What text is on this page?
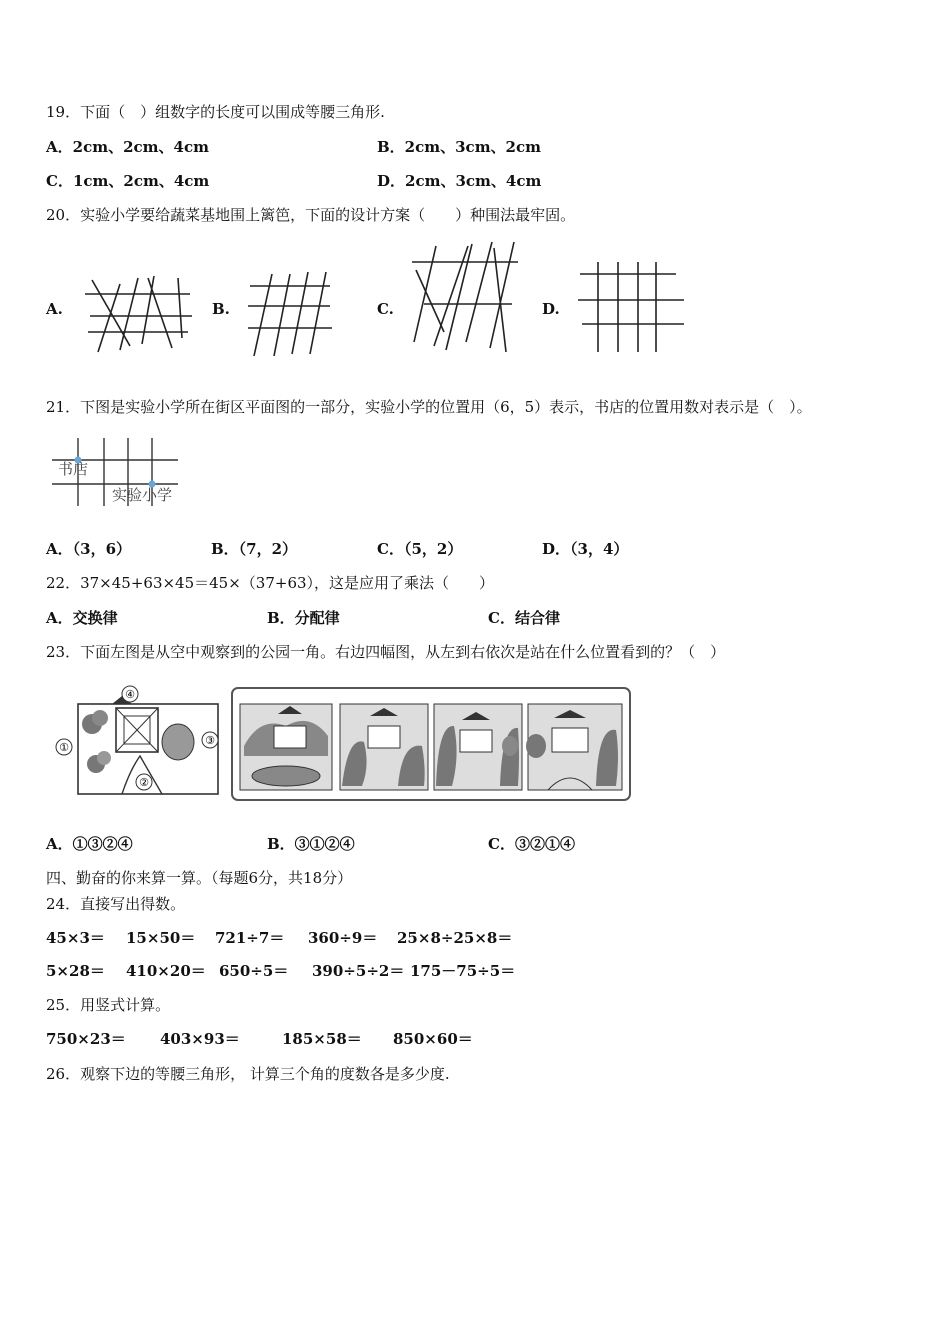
19．下面（　）组数字的长度可以围成等腰三角形.
A．2cm、2cm、4cm	B．2cm、3cm、2cm
C．1cm、2cm、4cm	D．2cm、3cm、4cm
20．实验小学要给蔬菜基地围上篱笆，下面的设计方案（　　）种围法最牢固。
A.	B.	C.	D.
21．下图是实验小学所在街区平面图的一部分，实验小学的位置用（6，5）表示，书店的位置用数对表示是（　）。
书店
实验小学
A．（3，6）	B．（7，2）	C．（5，2）	D．（3，4）
22．37×45+63×45＝45×（37+63），这是应用了乘法（　　）
A．交换律	B．分配律	C．结合律
23．下面左图是从空中观察到的公园一角。右边四幅图，从左到右依次是站在什么位置看到的？（　）
①
②
③
④
A．①③②④	B．③①②④	C．③②①④
四、勤奋的你来算一算。（每题6分，共18分）
24．直接写出得数。
45×3＝ 15×50＝ 721÷7＝ 360÷9＝ 25×8÷25×8＝
5×28＝ 410×20＝ 650÷5＝ 390÷5÷2＝ 175－75÷5＝
25．用竖式计算。
750×23＝ 403×93＝	185×58＝ 850×60＝
26．观察下边的等腰三角形， 计算三个角的度数各是多少度.
